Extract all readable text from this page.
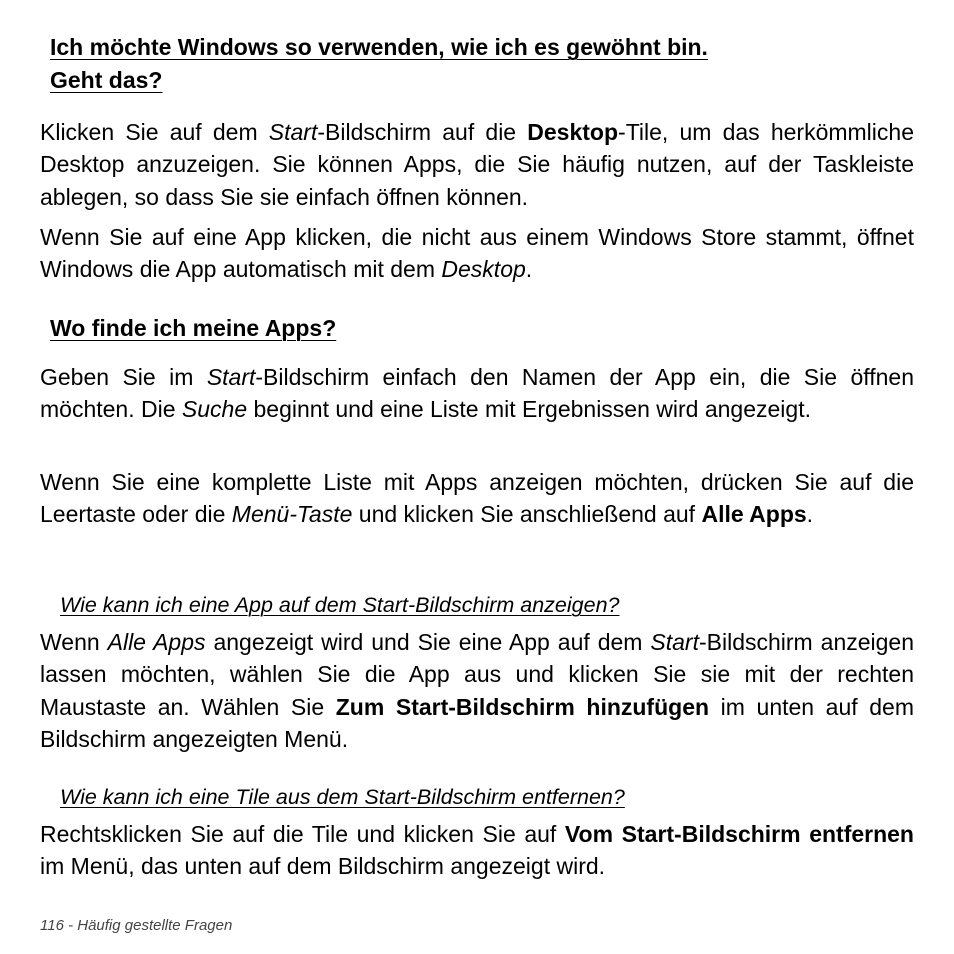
Ich möchte Windows so verwenden, wie ich es gewöhnt bin.
Geht das?
Klicken Sie auf dem Start-Bildschirm auf die Desktop-Tile, um das herkömmliche Desktop anzuzeigen. Sie können Apps, die Sie häufig nutzen, auf der Taskleiste ablegen, so dass Sie sie einfach öffnen können.
Wenn Sie auf eine App klicken, die nicht aus einem Windows Store stammt, öffnet Windows die App automatisch mit dem Desktop.
Wo finde ich meine Apps?
Geben Sie im Start-Bildschirm einfach den Namen der App ein, die Sie öffnen möchten. Die Suche beginnt und eine Liste mit Ergebnissen wird angezeigt.
Wenn Sie eine komplette Liste mit Apps anzeigen möchten, drücken Sie auf die Leertaste oder die Menü-Taste und klicken Sie anschließend auf Alle Apps.
Wie kann ich eine App auf dem Start-Bildschirm anzeigen?
Wenn Alle Apps angezeigt wird und Sie eine App auf dem Start-Bildschirm anzeigen lassen möchten, wählen Sie die App aus und klicken Sie sie mit der rechten Maustaste an. Wählen Sie Zum Start-Bildschirm hinzufügen im unten auf dem Bildschirm angezeigten Menü.
Wie kann ich eine Tile aus dem Start-Bildschirm entfernen?
Rechtsklicken Sie auf die Tile und klicken Sie auf Vom Start-Bildschirm entfernen im Menü, das unten auf dem Bildschirm angezeigt wird.
116 - Häufig gestellte Fragen
